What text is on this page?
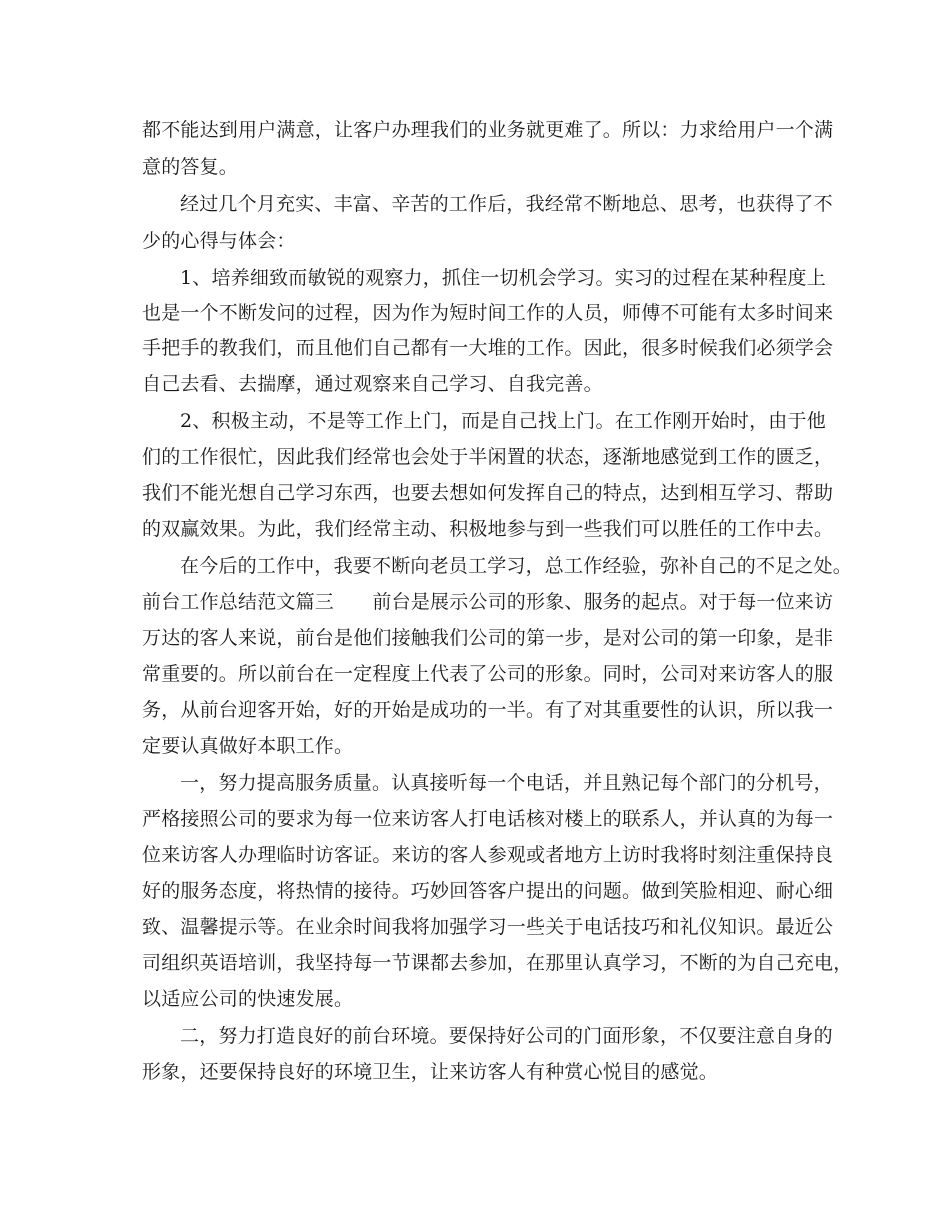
都不能达到用户满意，让客户办理我们的业务就更难了。所以：力求给用户一个满
意的答复。
经过几个月充实、丰富、辛苦的工作后，我经常不断地总、思考，也获得了不
少的心得与体会：
1、培养细致而敏锐的观察力，抓住一切机会学习。实习的过程在某种程度上
也是一个不断发问的过程，因为作为短时间工作的人员，师傅不可能有太多时间来
手把手的教我们，而且他们自己都有一大堆的工作。因此，很多时候我们必须学会
自己去看、去揣摩，通过观察来自己学习、自我完善。
2、积极主动，不是等工作上门，而是自己找上门。在工作刚开始时，由于他
们的工作很忙，因此我们经常也会处于半闲置的状态，逐渐地感觉到工作的匮乏，
我们不能光想自己学习东西，也要去想如何发挥自己的特点，达到相互学习、帮助
的双赢效果。为此，我们经常主动、积极地参与到一些我们可以胜任的工作中去。
在今后的工作中，我要不断向老员工学习，总工作经验，弥补自己的不足之处。
前台工作总结范文篇三　　前台是展示公司的形象、服务的起点。对于每一位来访
万达的客人来说，前台是他们接触我们公司的第一步，是对公司的第一印象，是非
常重要的。所以前台在一定程度上代表了公司的形象。同时，公司对来访客人的服
务，从前台迎客开始，好的开始是成功的一半。有了对其重要性的认识，所以我一
定要认真做好本职工作。
一，努力提高服务质量。认真接听每一个电话，并且熟记每个部门的分机号，
严格接照公司的要求为每一位来访客人打电话核对楼上的联系人，并认真的为每一
位来访客人办理临时访客证。来访的客人参观或者地方上访时我将时刻注重保持良
好的服务态度，将热情的接待。巧妙回答客户提出的问题。做到笑脸相迎、耐心细
致、温馨提示等。在业余时间我将加强学习一些关于电话技巧和礼仪知识。最近公
司组织英语培训，我坚持每一节课都去参加，在那里认真学习，不断的为自己充电，
以适应公司的快速发展。
二，努力打造良好的前台环境。要保持好公司的门面形象，不仅要注意自身的
形象，还要保持良好的环境卫生，让来访客人有种赏心悦目的感觉。
